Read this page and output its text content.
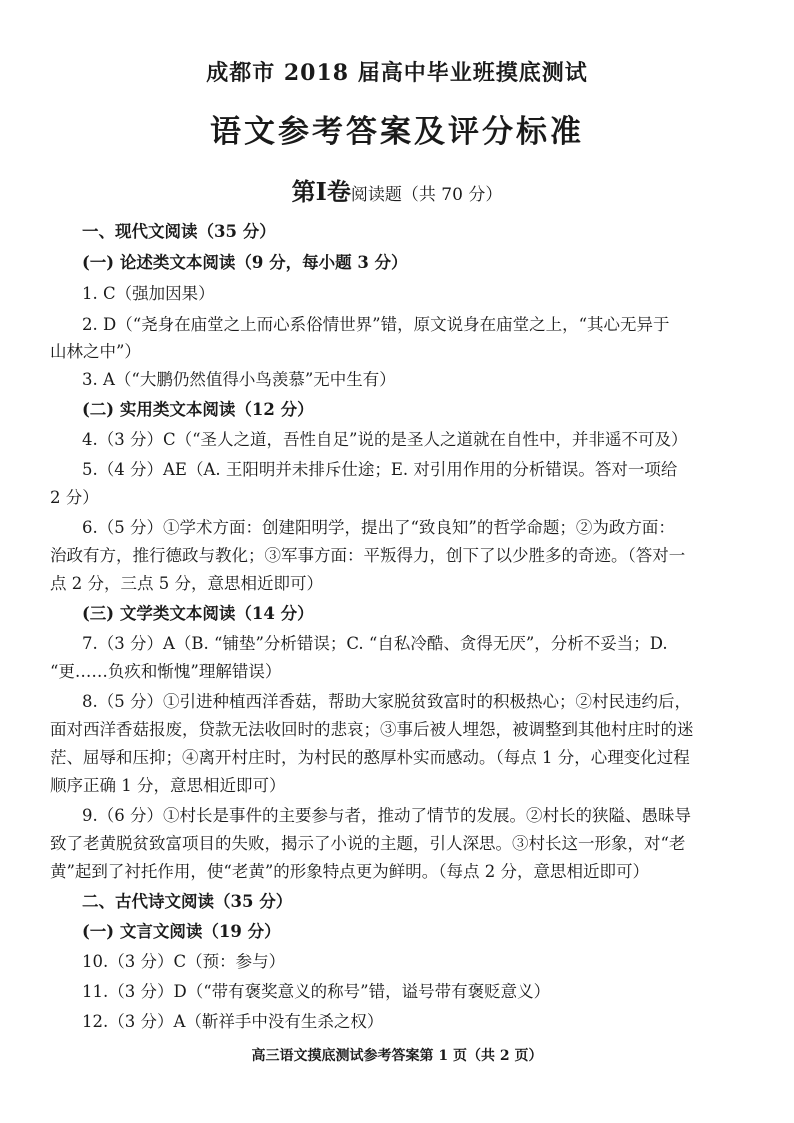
成都市 2018 届高中毕业班摸底测试
语文参考答案及评分标准
第Ⅰ卷阅读题（共 70 分）
一、现代文阅读（35 分）
(一) 论述类文本阅读（9 分，每小题 3 分）
1. C（强加因果）
2. D（“尧身在庙堂之上而心系俗情世界”错，原文说身在庙堂之上，“其心无异于
山林之中”）
3. A（“大鹏仍然值得小鸟羡慕”无中生有）
(二) 实用类文本阅读（12 分）
4.（3 分）C（“圣人之道，吾性自足”说的是圣人之道就在自性中，并非遥不可及）
5.（4 分）AE（A. 王阳明并未排斥仕途；E. 对引用作用的分析错误。答对一项给
2 分）
6.（5 分）①学术方面：创建阳明学，提出了“致良知”的哲学命题；②为政方面：
治政有方，推行德政与教化；③军事方面：平叛得力，创下了以少胜多的奇迹。（答对一
点 2 分，三点 5 分，意思相近即可）
(三) 文学类文本阅读（14 分）
7.（3 分）A（B. “铺垫”分析错误；C. “自私冷酷、贪得无厌”，分析不妥当；D.
“更……负疚和惭愧”理解错误）
8.（5 分）①引进种植西洋香菇，帮助大家脱贫致富时的积极热心；②村民违约后，
面对西洋香菇报废，贷款无法收回时的悲哀；③事后被人埋怨，被调整到其他村庄时的迷
茫、屈辱和压抑；④离开村庄时，为村民的憨厚朴实而感动。（每点 1 分，心理变化过程
顺序正确 1 分，意思相近即可）
9.（6 分）①村长是事件的主要参与者，推动了情节的发展。②村长的狭隘、愚昧导
致了老黄脱贫致富项目的失败，揭示了小说的主题，引人深思。③村长这一形象，对“老
黄”起到了衬托作用，使“老黄”的形象特点更为鲜明。（每点 2 分，意思相近即可）
二、古代诗文阅读（35 分）
(一) 文言文阅读（19 分）
10.（3 分）C（预：参与）
11.（3 分）D（“带有褒奖意义的称号”错，谥号带有褒贬意义）
12.（3 分）A（靳祥手中没有生杀之权）
高三语文摸底测试参考答案第 1 页（共 2 页）
